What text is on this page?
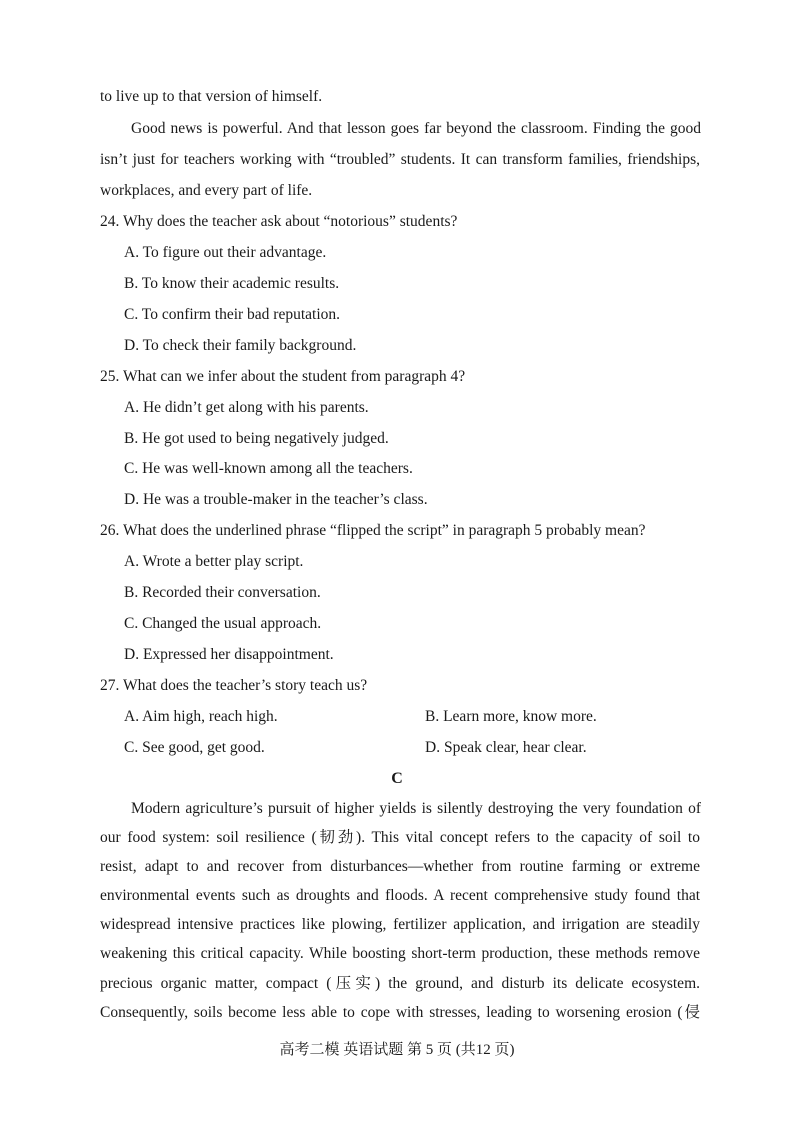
to live up to that version of himself.
Good news is powerful. And that lesson goes far beyond the classroom. Finding the good
isn’t just for teachers working with “troubled” students. It can transform families, friendships,
workplaces, and every part of life.
24. Why does the teacher ask about “notorious” students?
A. To figure out their advantage.
B. To know their academic results.
C. To confirm their bad reputation.
D. To check their family background.
25. What can we infer about the student from paragraph 4?
A. He didn’t get along with his parents.
B. He got used to being negatively judged.
C. He was well-known among all the teachers.
D. He was a trouble-maker in the teacher’s class.
26. What does the underlined phrase “flipped the script” in paragraph 5 probably mean?
A. Wrote a better play script.
B. Recorded their conversation.
C. Changed the usual approach.
D. Expressed her disappointment.
27. What does the teacher’s story teach us?
A. Aim high, reach high.	B. Learn more, know more.
C. See good, get good.	D. Speak clear, hear clear.
C
Modern agriculture’s pursuit of higher yields is silently destroying the very foundation of
our food system: soil resilience (韧劲). This vital concept refers to the capacity of soil to
resist, adapt to and recover from disturbances—whether from routine farming or extreme
environmental events such as droughts and floods. A recent comprehensive study found that
widespread intensive practices like plowing, fertilizer application, and irrigation are steadily
weakening this critical capacity. While boosting short-term production, these methods remove
precious organic matter, compact (压实) the ground, and disturb its delicate ecosystem.
Consequently, soils become less able to cope with stresses, leading to worsening erosion (侵
高考二模 英语试题 第 5 页 (共12 页)
